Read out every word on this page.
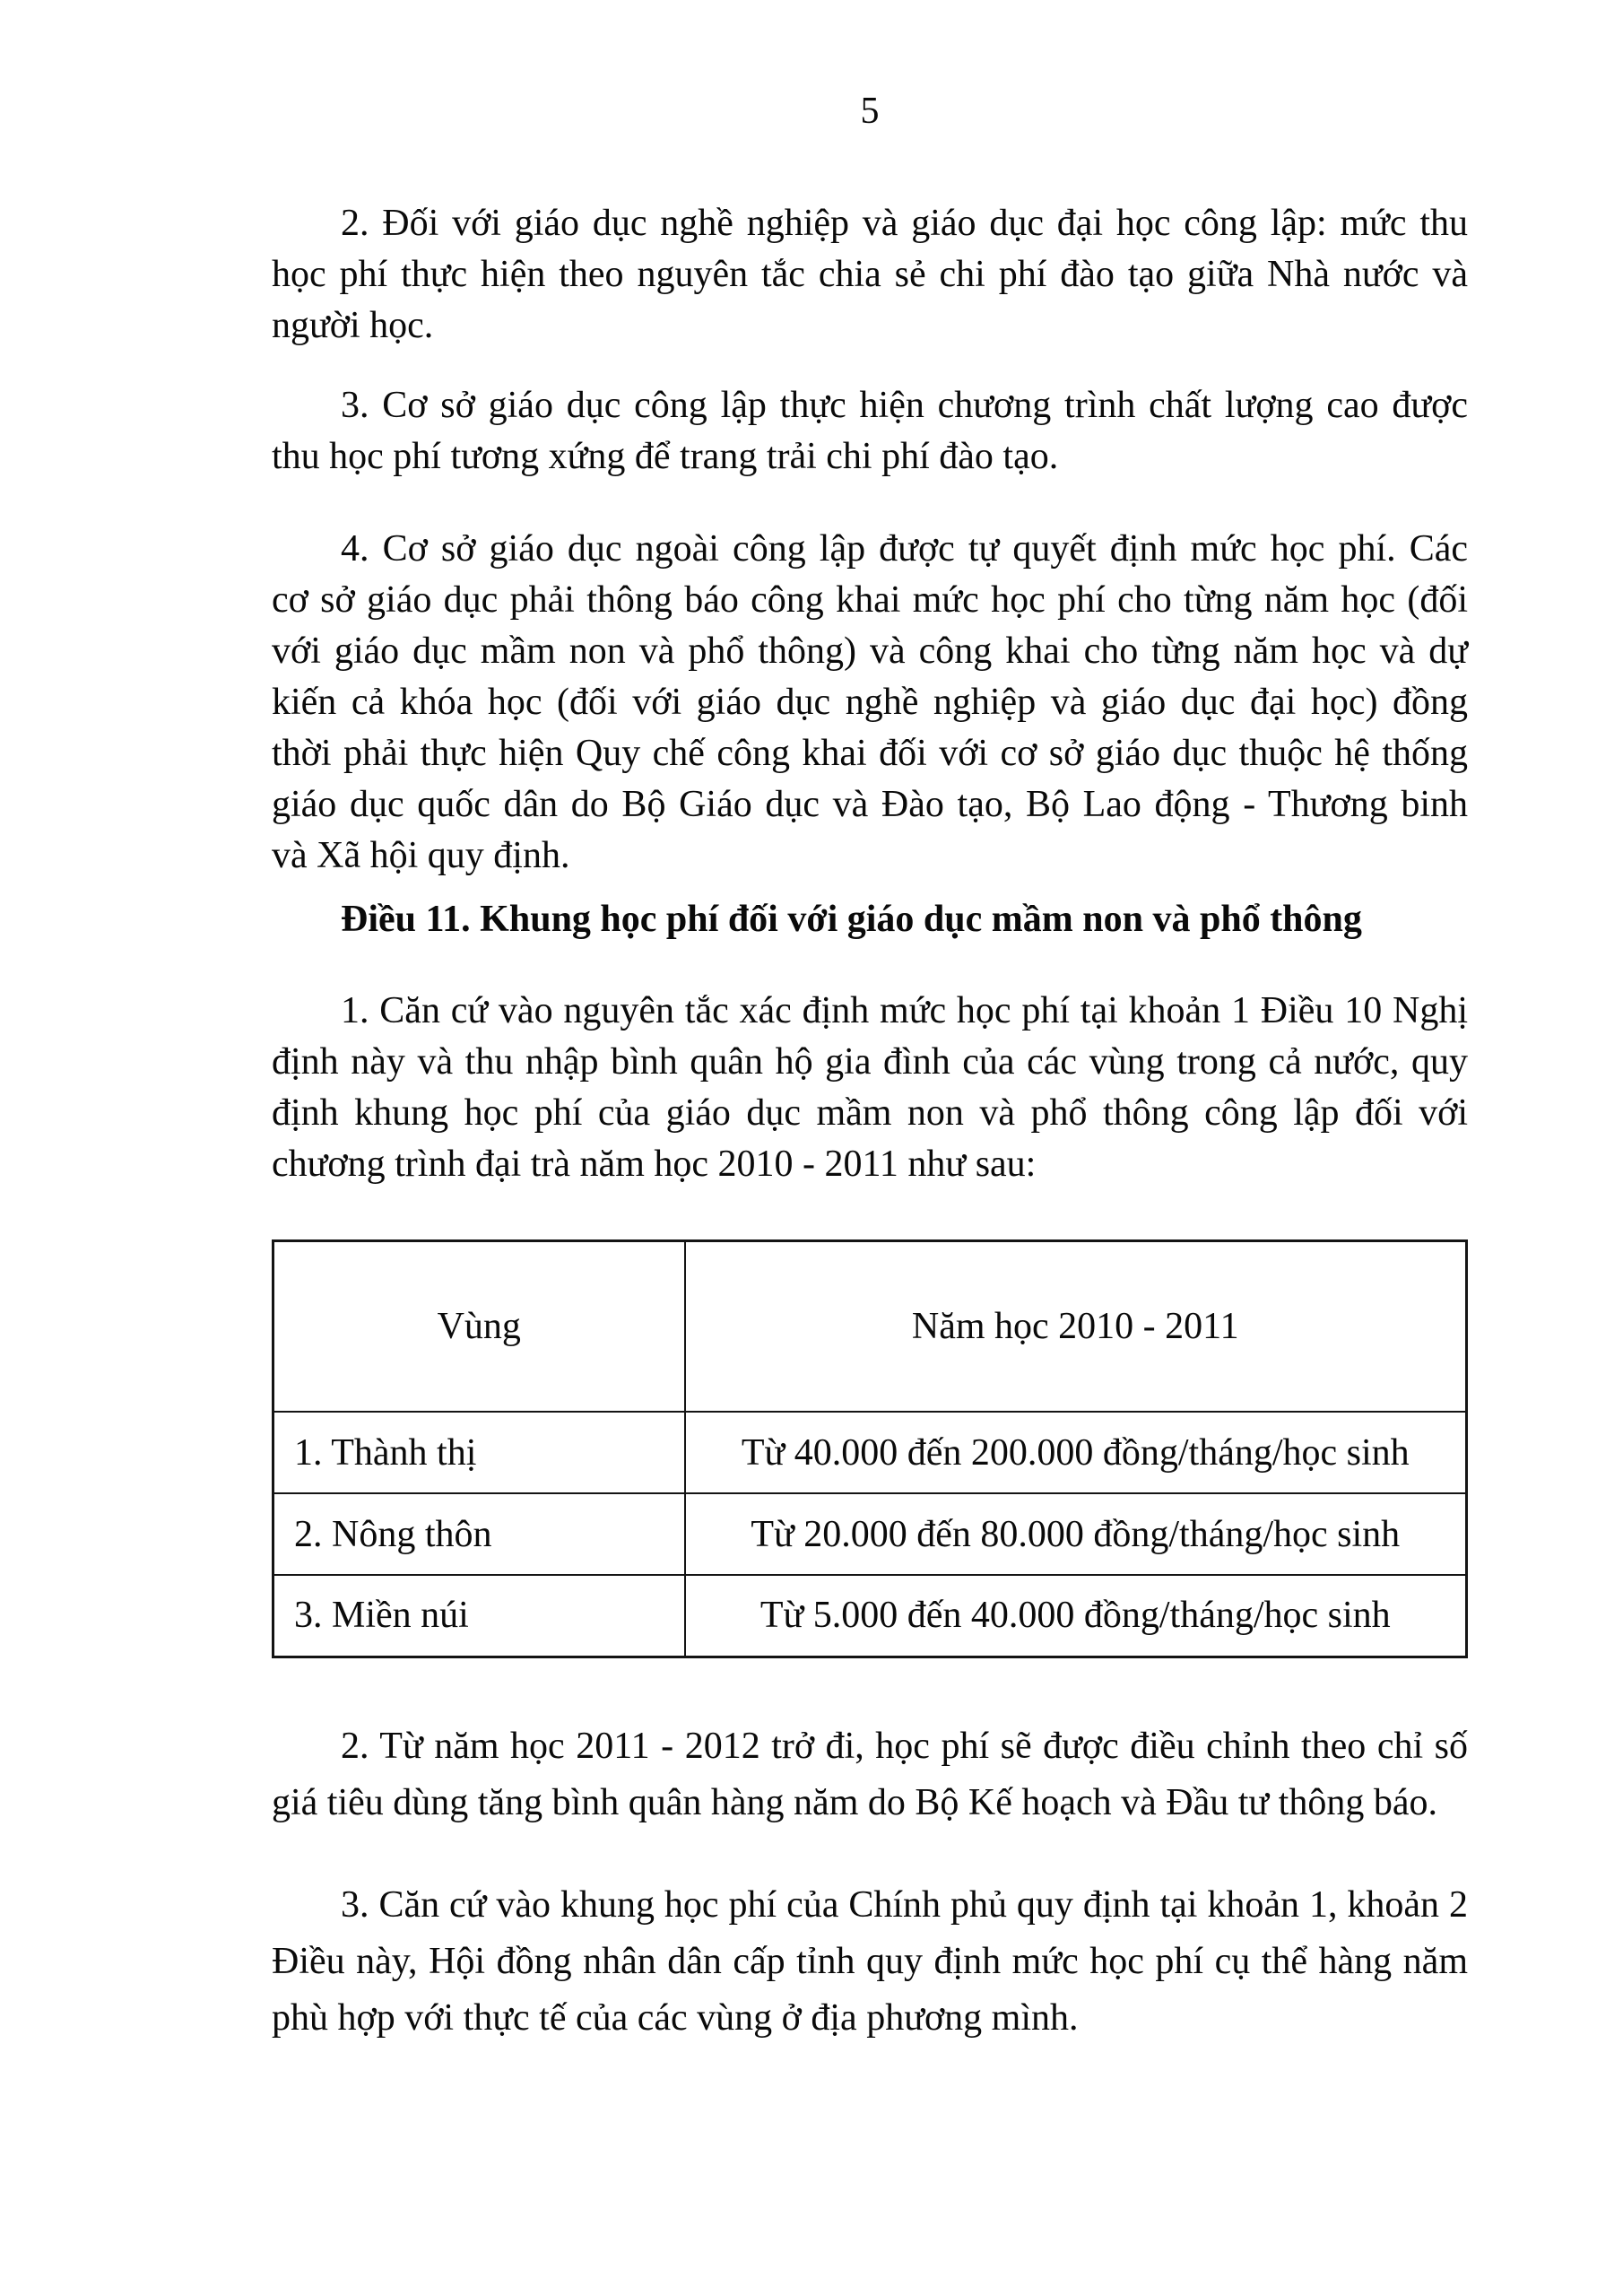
5
2. Đối với giáo dục nghề nghiệp và giáo dục đại học công lập: mức thu
học phí thực hiện theo nguyên tắc chia sẻ chi phí đào tạo giữa Nhà nước và
người học.
3. Cơ sở giáo dục công lập thực hiện chương trình chất lượng cao được
thu học phí tương xứng để trang trải chi phí đào tạo.
4. Cơ sở giáo dục ngoài công lập được tự quyết định mức học phí. Các
cơ sở giáo dục phải thông báo công khai mức học phí cho từng năm học (đối
với giáo dục mầm non và phổ thông) và công khai cho từng năm học và dự
kiến cả khóa học (đối với giáo dục nghề nghiệp và giáo dục đại học) đồng
thời phải thực hiện Quy chế công khai đối với cơ sở giáo dục thuộc hệ thống
giáo dục quốc dân do Bộ Giáo dục và Đào tạo, Bộ Lao động - Thương binh
và Xã hội quy định.
Điều 11. Khung học phí đối với giáo dục mầm non và phổ thông
1. Căn cứ vào nguyên tắc xác định mức học phí tại khoản 1 Điều 10 Nghị
định này và thu nhập bình quân hộ gia đình của các vùng trong cả nước, quy
định khung học phí của giáo dục mầm non và phổ thông công lập đối với
chương trình đại trà năm học 2010 - 2011 như sau:
Vùng	Năm học 2010 - 2011
1. Thành thị	Từ 40.000 đến 200.000 đồng/tháng/học sinh
2. Nông thôn	Từ 20.000 đến 80.000 đồng/tháng/học sinh
3. Miền núi	Từ 5.000 đến 40.000 đồng/tháng/học sinh
2. Từ năm học 2011 - 2012 trở đi, học phí sẽ được điều chỉnh theo chỉ số
giá tiêu dùng tăng bình quân hàng năm do Bộ Kế hoạch và Đầu tư thông báo.
3. Căn cứ vào khung học phí của Chính phủ quy định tại khoản 1, khoản 2
Điều này, Hội đồng nhân dân cấp tỉnh quy định mức học phí cụ thể hàng năm
phù hợp với thực tế của các vùng ở địa phương mình.
